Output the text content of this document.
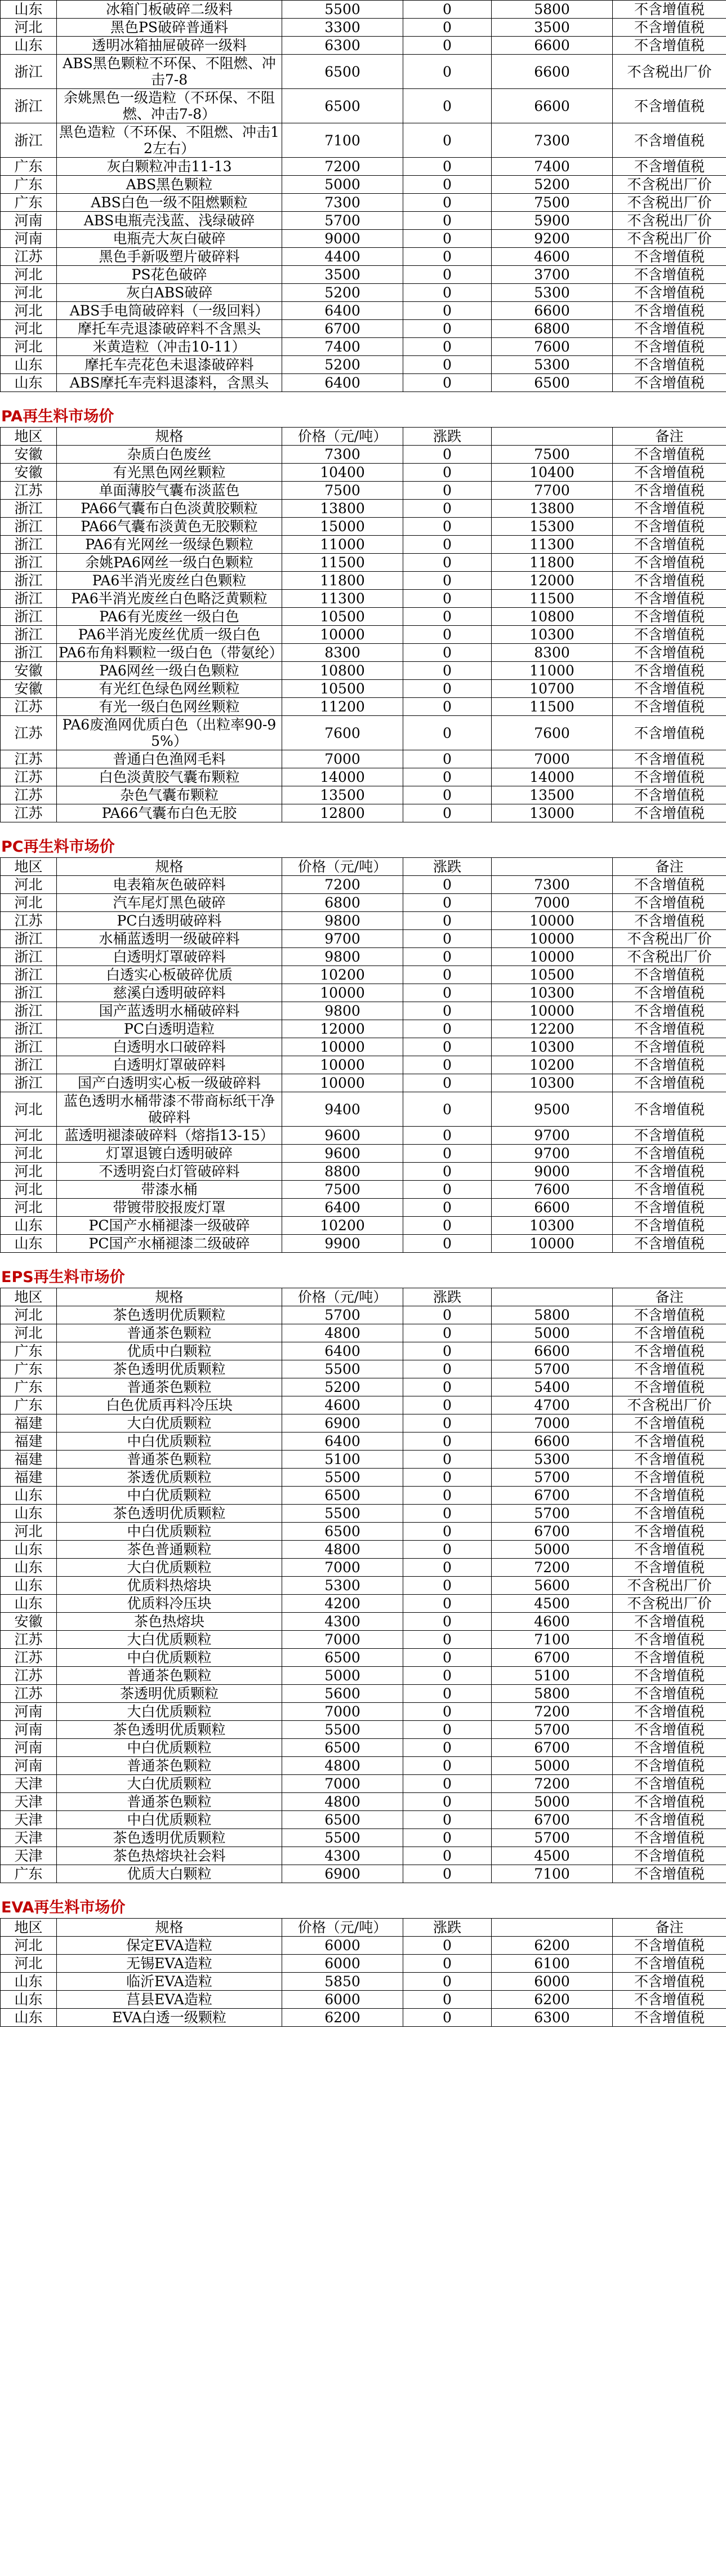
山东	冰箱门板破碎二级料	5500	0	5800	不含增值税
河北	黑色PS破碎普通料	3300	0	3500	不含增值税
山东	透明冰箱抽屉破碎一级料	6300	0	6600	不含增值税
浙江	ABS黑色颗粒不环保、不阻燃、冲击7-8	6500	0	6600	不含税出厂价
浙江	余姚黑色一级造粒（不环保、不阻燃、冲击7-8）	6500	0	6600	不含增值税
浙江	黑色造粒（不环保、不阻燃、冲击12左右）	7100	0	7300	不含增值税
广东	灰白颗粒冲击11-13	7200	0	7400	不含增值税
广东	ABS黑色颗粒	5000	0	5200	不含税出厂价
广东	ABS白色一级不阻燃颗粒	7300	0	7500	不含税出厂价
河南	ABS电瓶壳浅蓝、浅绿破碎	5700	0	5900	不含税出厂价
河南	电瓶壳大灰白破碎	9000	0	9200	不含税出厂价
江苏	黑色手新吸塑片破碎料	4400	0	4600	不含增值税
河北	PS花色破碎	3500	0	3700	不含增值税
河北	灰白ABS破碎	5200	0	5300	不含增值税
河北	ABS手电筒破碎料（一级回料）	6400	0	6600	不含增值税
河北	摩托车壳退漆破碎料不含黑头	6700	0	6800	不含增值税
河北	米黄造粒（冲击10-11）	7400	0	7600	不含增值税
山东	摩托车壳花色未退漆破碎料	5200	0	5300	不含增值税
山东	ABS摩托车壳料退漆料，含黑头	6400	0	6500	不含增值税
PA再生料市场价
地区	规格	价格（元/吨）	涨跌		备注
安徽	杂质白色废丝	7300	0	7500	不含增值税
安徽	有光黑色网丝颗粒	10400	0	10400	不含增值税
江苏	单面薄胶气囊布淡蓝色	7500	0	7700	不含增值税
浙江	PA66气囊布白色淡黄胶颗粒	13800	0	13800	不含增值税
浙江	PA66气囊布淡黄色无胶颗粒	15000	0	15300	不含增值税
浙江	PA6有光网丝一级绿色颗粒	11000	0	11300	不含增值税
浙江	余姚PA6网丝一级白色颗粒	11500	0	11800	不含增值税
浙江	PA6半消光废丝白色颗粒	11800	0	12000	不含增值税
浙江	PA6半消光废丝白色略泛黄颗粒	11300	0	11500	不含增值税
浙江	PA6有光废丝一级白色	10500	0	10800	不含增值税
浙江	PA6半消光废丝优质一级白色	10000	0	10300	不含增值税
浙江	PA6布角料颗粒一级白色（带氨纶）	8300	0	8300	不含增值税
安徽	PA6网丝一级白色颗粒	10800	0	11000	不含增值税
安徽	有光红色绿色网丝颗粒	10500	0	10700	不含增值税
江苏	有光一级白色网丝颗粒	11200	0	11500	不含增值税
江苏	PA6废渔网优质白色（出粒率90-95%）	7600	0	7600	不含增值税
江苏	普通白色渔网毛料	7000	0	7000	不含增值税
江苏	白色淡黄胶气囊布颗粒	14000	0	14000	不含增值税
江苏	杂色气囊布颗粒	13500	0	13500	不含增值税
江苏	PA66气囊布白色无胶	12800	0	13000	不含增值税
PC再生料市场价
地区	规格	价格（元/吨）	涨跌		备注
河北	电表箱灰色破碎料	7200	0	7300	不含增值税
河北	汽车尾灯黑色破碎	6800	0	7000	不含增值税
江苏	PC白透明破碎料	9800	0	10000	不含增值税
浙江	水桶蓝透明一级破碎料	9700	0	10000	不含税出厂价
浙江	白透明灯罩破碎料	9800	0	10000	不含税出厂价
浙江	白透实心板破碎优质	10200	0	10500	不含增值税
浙江	慈溪白透明破碎料	10000	0	10300	不含增值税
浙江	国产蓝透明水桶破碎料	9800	0	10000	不含增值税
浙江	PC白透明造粒	12000	0	12200	不含增值税
浙江	白透明水口破碎料	10000	0	10300	不含增值税
浙江	白透明灯罩破碎料	10000	0	10200	不含增值税
浙江	国产白透明实心板一级破碎料	10000	0	10300	不含增值税
河北	蓝色透明水桶带漆不带商标纸干净破碎料	9400	0	9500	不含增值税
河北	蓝透明褪漆破碎料（熔指13-15）	9600	0	9700	不含增值税
河北	灯罩退镀白透明破碎	9600	0	9700	不含增值税
河北	不透明瓷白灯管破碎料	8800	0	9000	不含增值税
河北	带漆水桶	7500	0	7600	不含增值税
河北	带镀带胶报废灯罩	6400	0	6600	不含增值税
山东	PC国产水桶褪漆一级破碎	10200	0	10300	不含增值税
山东	PC国产水桶褪漆二级破碎	9900	0	10000	不含增值税
EPS再生料市场价
地区	规格	价格（元/吨）	涨跌		备注
河北	茶色透明优质颗粒	5700	0	5800	不含增值税
河北	普通茶色颗粒	4800	0	5000	不含增值税
广东	优质中白颗粒	6400	0	6600	不含增值税
广东	茶色透明优质颗粒	5500	0	5700	不含增值税
广东	普通茶色颗粒	5200	0	5400	不含增值税
广东	白色优质再料冷压块	4600	0	4700	不含税出厂价
福建	大白优质颗粒	6900	0	7000	不含增值税
福建	中白优质颗粒	6400	0	6600	不含增值税
福建	普通茶色颗粒	5100	0	5300	不含增值税
福建	茶透优质颗粒	5500	0	5700	不含增值税
山东	中白优质颗粒	6500	0	6700	不含增值税
山东	茶色透明优质颗粒	5500	0	5700	不含增值税
河北	中白优质颗粒	6500	0	6700	不含增值税
山东	茶色普通颗粒	4800	0	5000	不含增值税
山东	大白优质颗粒	7000	0	7200	不含增值税
山东	优质料热熔块	5300	0	5600	不含税出厂价
山东	优质料冷压块	4200	0	4500	不含税出厂价
安徽	茶色热熔块	4300	0	4600	不含增值税
江苏	大白优质颗粒	7000	0	7100	不含增值税
江苏	中白优质颗粒	6500	0	6700	不含增值税
江苏	普通茶色颗粒	5000	0	5100	不含增值税
江苏	茶透明优质颗粒	5600	0	5800	不含增值税
河南	大白优质颗粒	7000	0	7200	不含增值税
河南	茶色透明优质颗粒	5500	0	5700	不含增值税
河南	中白优质颗粒	6500	0	6700	不含增值税
河南	普通茶色颗粒	4800	0	5000	不含增值税
天津	大白优质颗粒	7000	0	7200	不含增值税
天津	普通茶色颗粒	4800	0	5000	不含增值税
天津	中白优质颗粒	6500	0	6700	不含增值税
天津	茶色透明优质颗粒	5500	0	5700	不含增值税
天津	茶色热熔块社会料	4300	0	4500	不含增值税
广东	优质大白颗粒	6900	0	7100	不含增值税
EVA再生料市场价
地区	规格	价格（元/吨）	涨跌		备注
河北	保定EVA造粒	6000	0	6200	不含增值税
河北	无锡EVA造粒	6000	0	6100	不含增值税
山东	临沂EVA造粒	5850	0	6000	不含增值税
山东	莒县EVA造粒	6000	0	6200	不含增值税
山东	EVA白透一级颗粒	6200	0	6300	不含增值税
